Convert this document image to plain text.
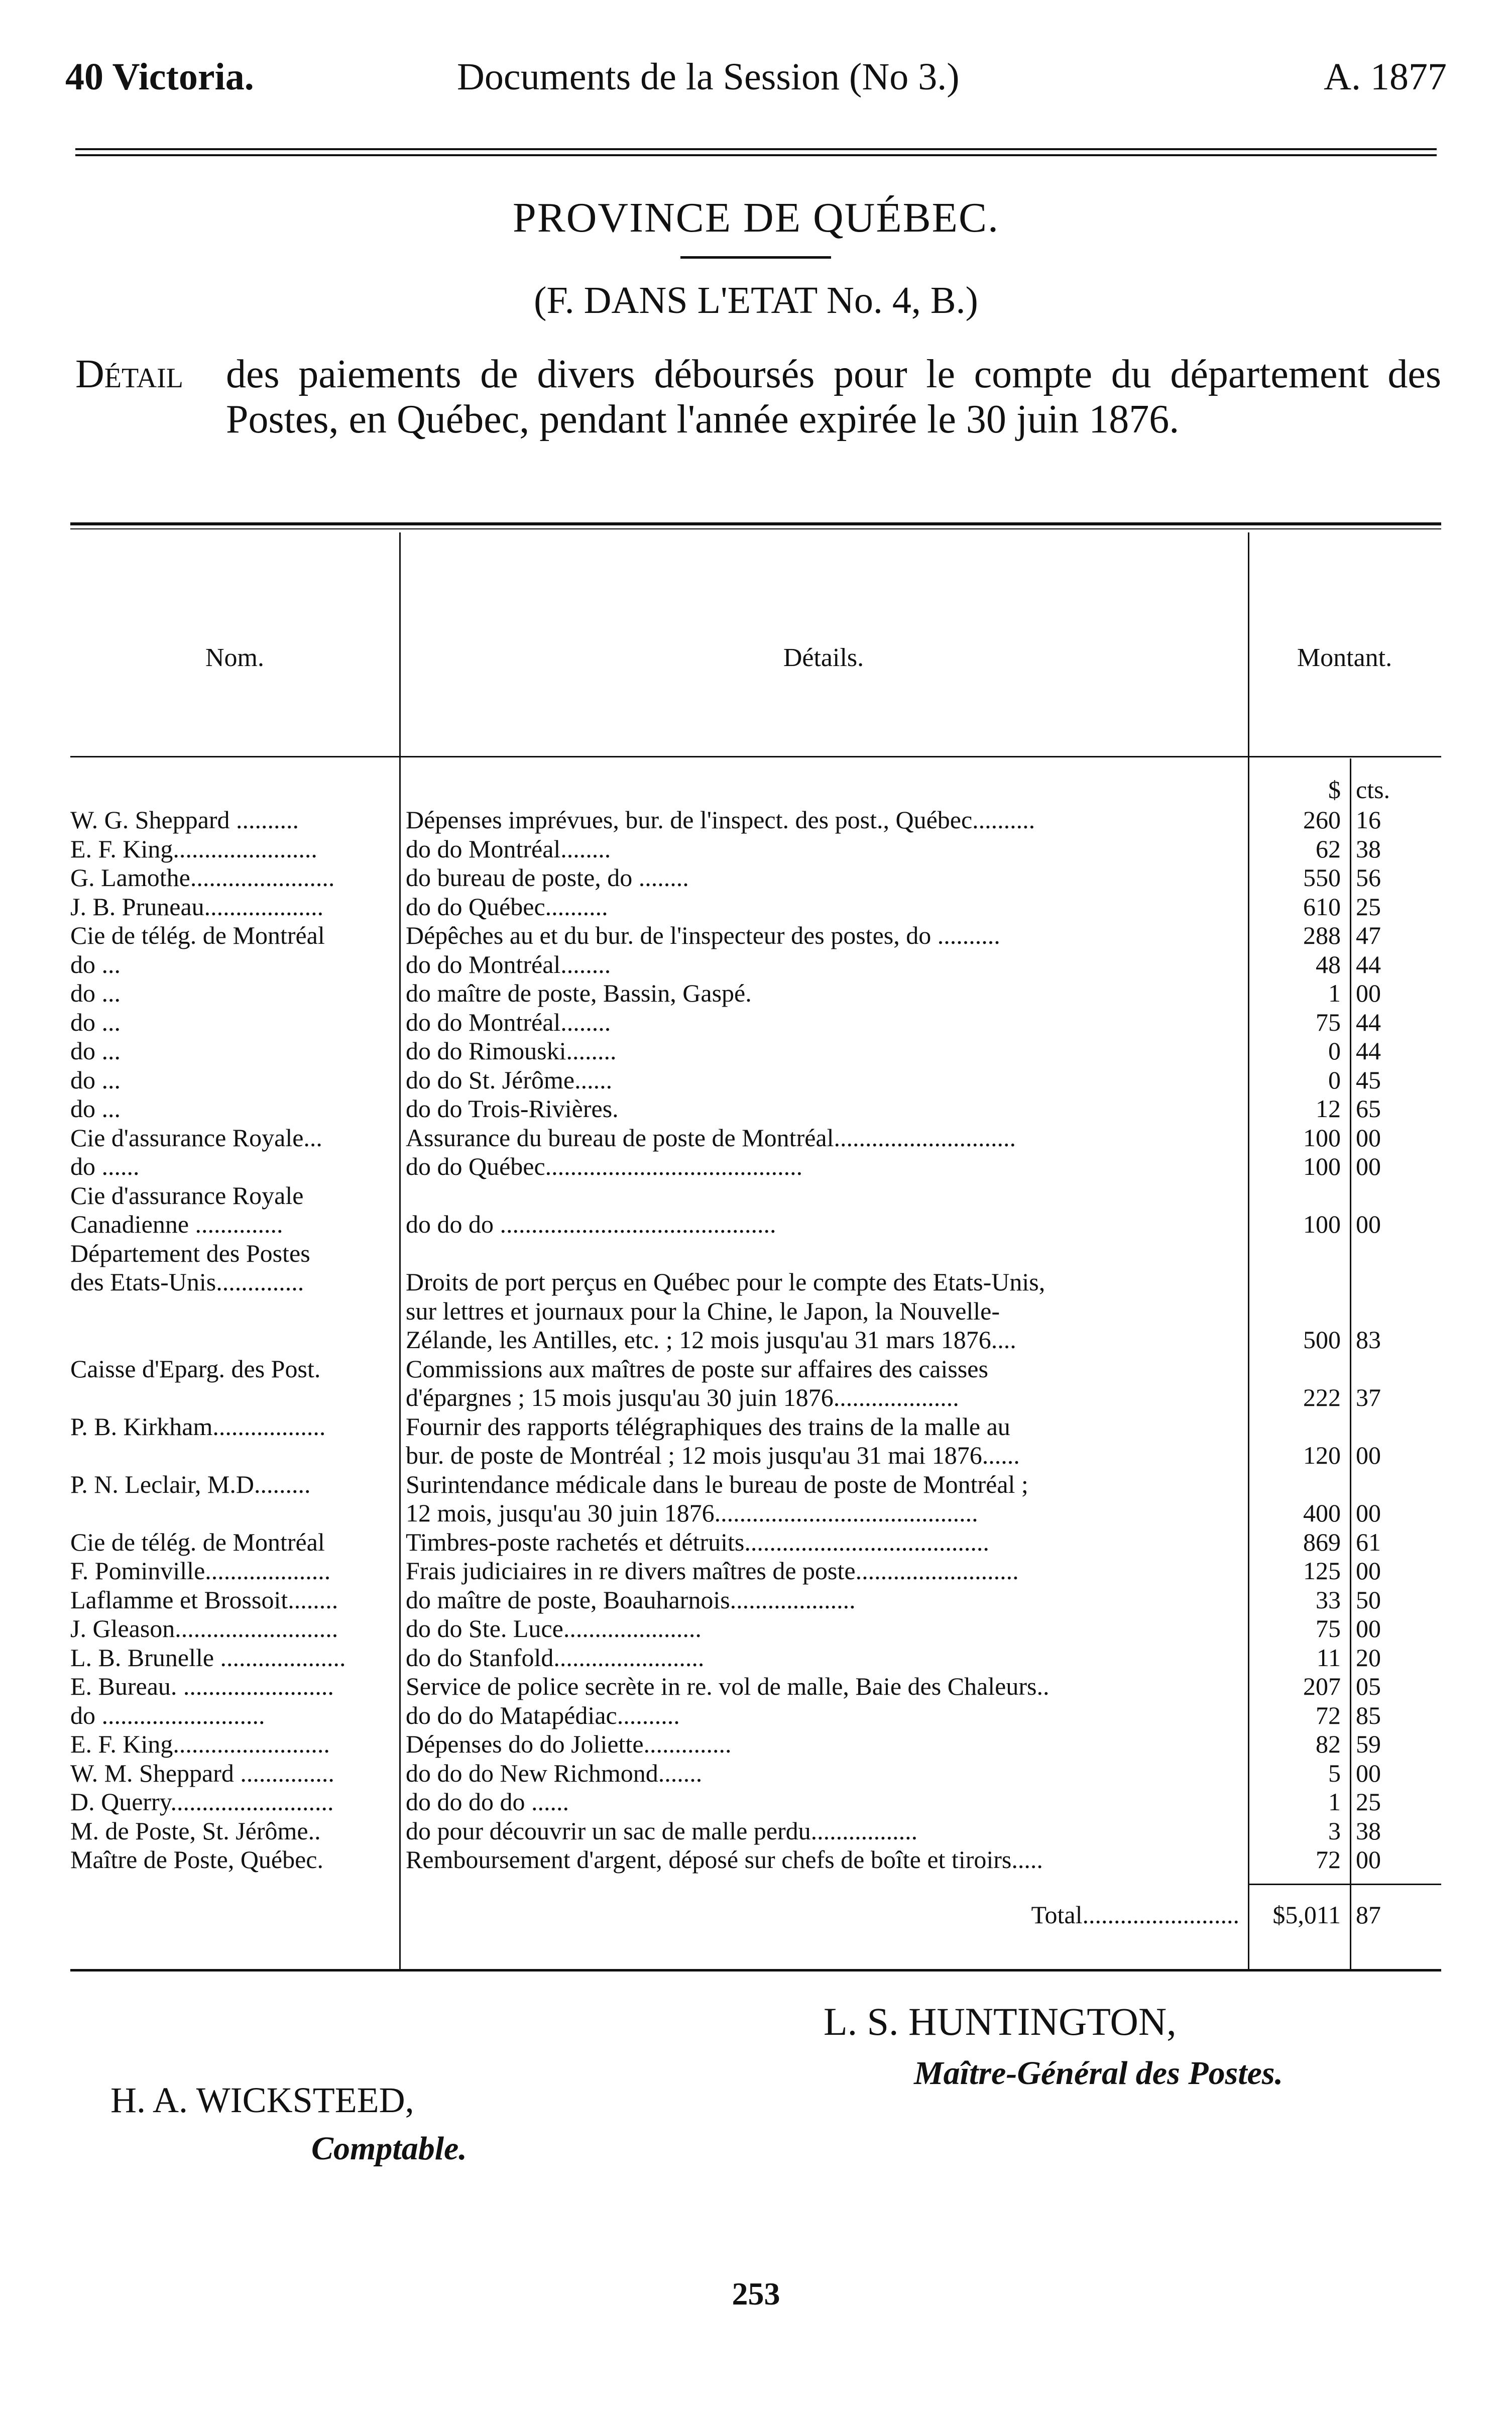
40 Victoria.	Documents de la Session (No 3.)	A. 1877
PROVINCE DE QUÉBEC.
(F. DANS L'ETAT No. 4, B.)
Détail des paiements de divers déboursés pour le compte du département des Postes, en Québec, pendant l'année expirée le 30 juin 1876.
Nom.	Détails.	Montant.
$ cts.
W. G. Sheppard ..........	Dépenses imprévues, bur. de l'inspect. des post., Québec..........	260 16
E. F. King.......................	do do Montréal........	62 38
G. Lamothe.......................	do bureau de poste, do ........	550 56
J. B. Pruneau...................	do do Québec..........	610 25
Cie de télég. de Montréal	Dépêches au et du bur. de l'inspecteur des postes, do ..........	288 47
do ...	do do Montréal........	48 44
do ...	do maître de poste, Bassin, Gaspé.	1 00
do ...	do do Montréal........	75 44
do ...	do do Rimouski........	0 44
do ...	do do St. Jérôme......	0 45
do ...	do do Trois-Rivières.	12 65
Cie d'assurance Royale...	Assurance du bureau de poste de Montréal.............................	100 00
do ......	do do Québec.........................................	100 00
Cie d'assurance Royale
Canadienne ..............	do do do ............................................	100 00
Département des Postes
des Etats-Unis..............	Droits de port perçus en Québec pour le compte des Etats-Unis,
sur lettres et journaux pour la Chine, le Japon, la Nouvelle-
Zélande, les Antilles, etc. ; 12 mois jusqu'au 31 mars 1876....	500 83
Caisse d'Eparg. des Post.	Commissions aux maîtres de poste sur affaires des caisses
d'épargnes ; 15 mois jusqu'au 30 juin 1876....................	222 37
P. B. Kirkham..................	Fournir des rapports télégraphiques des trains de la malle au
bur. de poste de Montréal ; 12 mois jusqu'au 31 mai 1876......	120 00
P. N. Leclair, M.D.........	Surintendance médicale dans le bureau de poste de Montréal ;
12 mois, jusqu'au 30 juin 1876..........................................	400 00
Cie de télég. de Montréal	Timbres-poste rachetés et détruits.......................................	869 61
F. Pominville....................	Frais judiciaires in re divers maîtres de poste..........................	125 00
Laflamme et Brossoit........	do maître de poste, Boauharnois....................	33 50
J. Gleason..........................	do do Ste. Luce......................	75 00
L. B. Brunelle ....................	do do Stanfold........................	11 20
E. Bureau. ........................	Service de police secrète in re. vol de malle, Baie des Chaleurs..	207 05
do ..........................	do do do Matapédiac..........	72 85
E. F. King.........................	Dépenses do do Joliette..............	82 59
W. M. Sheppard ...............	do do do New Richmond.......	5 00
D. Querry..........................	do do do do ......	1 25
M. de Poste, St. Jérôme..	do pour découvrir un sac de malle perdu.................	3 38
Maître de Poste, Québec.	Remboursement d'argent, déposé sur chefs de boîte et tiroirs.....	72 00
Total.........................	$5,011 87
L. S. HUNTINGTON,
Maître-Général des Postes.
H. A. WICKSTEED,
Comptable.
253
